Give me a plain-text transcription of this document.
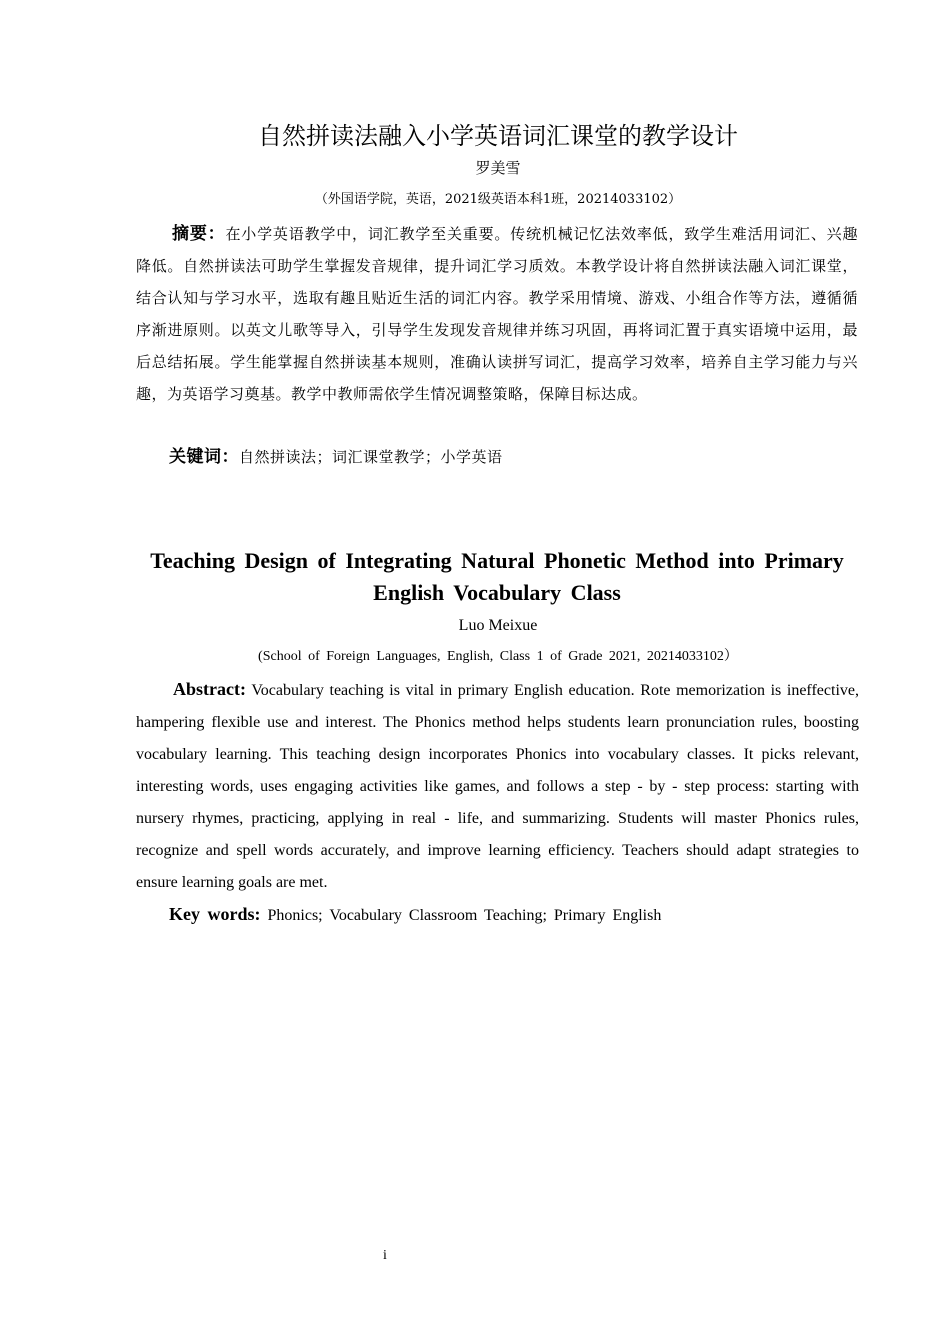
自然拼读法融入小学英语词汇课堂的教学设计
罗美雪
（外国语学院，英语，2021级英语本科1班，20214033102）
摘要：在小学英语教学中，词汇教学至关重要。传统机械记忆法效率低，致学生难活用词汇、兴趣降低。自然拼读法可助学生掌握发音规律，提升词汇学习质效。本教学设计将自然拼读法融入词汇课堂，结合认知与学习水平，选取有趣且贴近生活的词汇内容。教学采用情境、游戏、小组合作等方法，遵循循序渐进原则。以英文儿歌等导入，引导学生发现发音规律并练习巩固，再将词汇置于真实语境中运用，最后总结拓展。学生能掌握自然拼读基本规则，准确认读拼写词汇，提高学习效率，培养自主学习能力与兴趣，为英语学习奠基。教学中教师需依学生情况调整策略，保障目标达成。
关键词：自然拼读法；词汇课堂教学；小学英语
Teaching Design of Integrating Natural Phonetic Method into Primary English Vocabulary Class
Luo Meixue
(School of Foreign Languages, English, Class 1 of Grade 2021, 20214033102）
Abstract: Vocabulary teaching is vital in primary English education. Rote memorization is ineffective, hampering flexible use and interest. The Phonics method helps students learn pronunciation rules, boosting vocabulary learning. This teaching design incorporates Phonics into vocabulary classes. It picks relevant, interesting words, uses engaging activities like games, and follows a step - by - step process: starting with nursery rhymes, practicing, applying in real - life, and summarizing. Students will master Phonics rules, recognize and spell words accurately, and improve learning efficiency. Teachers should adapt strategies to ensure learning goals are met.
Key words: Phonics; Vocabulary Classroom Teaching; Primary English
i
